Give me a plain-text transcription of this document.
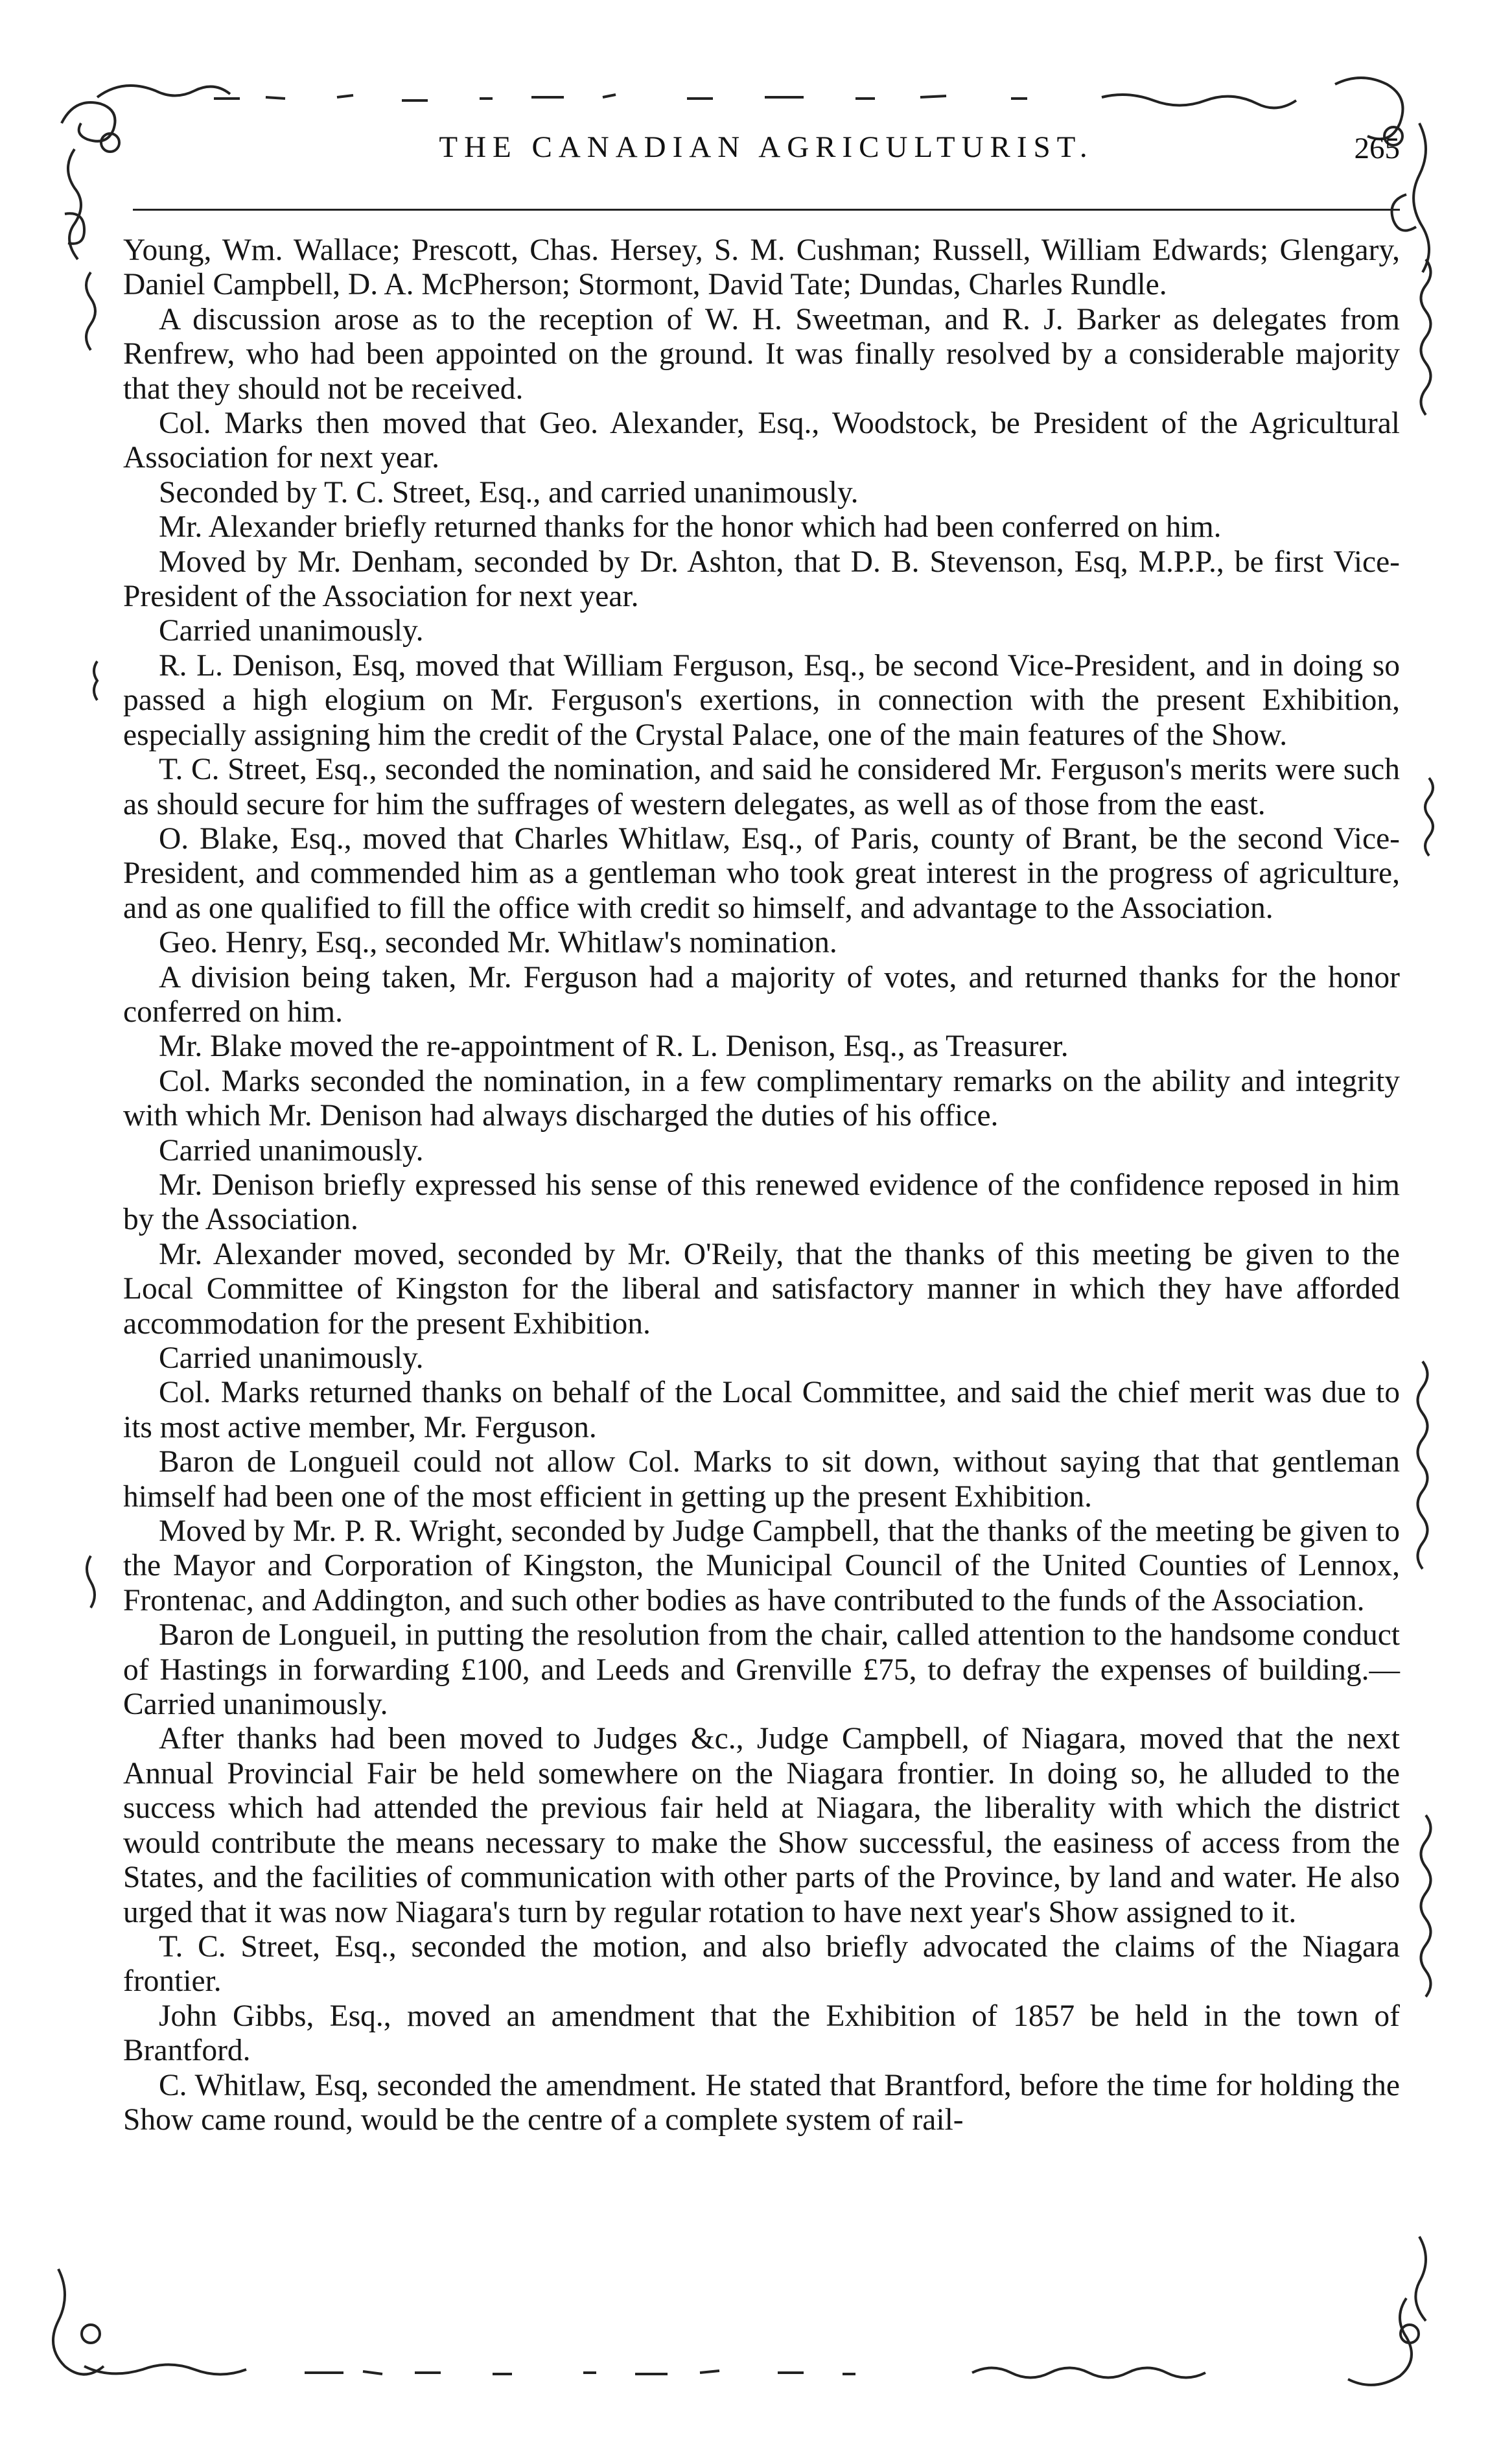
THE CANADIAN AGRICULTURIST.	265

Young, Wm. Wallace; Prescott, Chas. Hersey, S. M. Cushman; Russell, William Edwards; Glengary, Daniel Campbell, D. A. McPherson; Stormont, David Tate; Dundas, Charles Rundle.

A discussion arose as to the reception of W. H. Sweetman, and R. J. Barker as delegates from Renfrew, who had been appointed on the ground. It was finally resolved by a considerable majority that they should not be received.

Col. Marks then moved that Geo. Alexander, Esq., Woodstock, be President of the Agricultural Association for next year.

Seconded by T. C. Street, Esq., and carried unanimously.

Mr. Alexander briefly returned thanks for the honor which had been conferred on him.

Moved by Mr. Denham, seconded by Dr. Ashton, that D. B. Stevenson, Esq, M.P.P., be first Vice-President of the Association for next year.

Carried unanimously.

R. L. Denison, Esq, moved that William Ferguson, Esq., be second Vice-President, and in doing so passed a high elogium on Mr. Ferguson's exertions, in connection with the present Exhibition, especially assigning him the credit of the Crystal Palace, one of the main features of the Show.

T. C. Street, Esq., seconded the nomination, and said he considered Mr. Ferguson's merits were such as should secure for him the suffrages of western delegates, as well as of those from the east.

O. Blake, Esq., moved that Charles Whitlaw, Esq., of Paris, county of Brant, be the second Vice-President, and commended him as a gentleman who took great interest in the progress of agriculture, and as one qualified to fill the office with credit so himself, and advantage to the Association.

Geo. Henry, Esq., seconded Mr. Whitlaw's nomination.

A division being taken, Mr. Ferguson had a majority of votes, and returned thanks for the honor conferred on him.

Mr. Blake moved the re-appointment of R. L. Denison, Esq., as Treasurer.

Col. Marks seconded the nomination, in a few complimentary remarks on the ability and integrity with which Mr. Denison had always discharged the duties of his office.

Carried unanimously.

Mr. Denison briefly expressed his sense of this renewed evidence of the confidence reposed in him by the Association.

Mr. Alexander moved, seconded by Mr. O'Reily, that the thanks of this meeting be given to the Local Committee of Kingston for the liberal and satisfactory manner in which they have afforded accommodation for the present Exhibition.

Carried unanimously.

Col. Marks returned thanks on behalf of the Local Committee, and said the chief merit was due to its most active member, Mr. Ferguson.

Baron de Longueil could not allow Col. Marks to sit down, without saying that that gentleman himself had been one of the most efficient in getting up the present Exhibition.

Moved by Mr. P. R. Wright, seconded by Judge Campbell, that the thanks of the meeting be given to the Mayor and Corporation of Kingston, the Municipal Council of the United Counties of Lennox, Frontenac, and Addington, and such other bodies as have contributed to the funds of the Association.

Baron de Longueil, in putting the resolution from the chair, called attention to the handsome conduct of Hastings in forwarding £100, and Leeds and Grenville £75, to defray the expenses of building.—Carried unanimously.

After thanks had been moved to Judges &c., Judge Campbell, of Niagara, moved that the next Annual Provincial Fair be held somewhere on the Niagara frontier. In doing so, he alluded to the success which had attended the previous fair held at Niagara, the liberality with which the district would contribute the means necessary to make the Show successful, the easiness of access from the States, and the facilities of communication with other parts of the Province, by land and water. He also urged that it was now Niagara's turn by regular rotation to have next year's Show assigned to it.

T. C. Street, Esq., seconded the motion, and also briefly advocated the claims of the Niagara frontier.

John Gibbs, Esq., moved an amendment that the Exhibition of 1857 be held in the town of Brantford.

C. Whitlaw, Esq, seconded the amendment. He stated that Brantford, before the time for holding the Show came round, would be the centre of a complete system of rail-
